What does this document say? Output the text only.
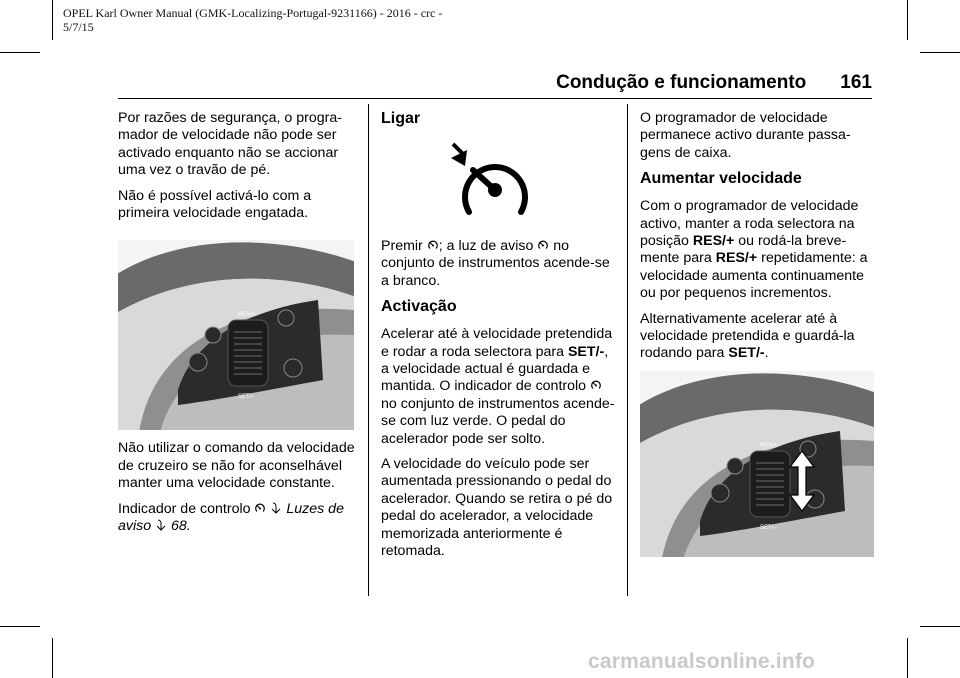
OPEL Karl Owner Manual (GMK-Localizing-Portugal-9231166) - 2016 - crc -
5/7/15
Condução e funcionamento 161

Por razões de segurança, o programador de velocidade não pode ser activado enquanto não se accionar uma vez o travão de pé.

Não é possível activá-lo com a primeira velocidade engatada.

RES/+
SET/–

Não utilizar o comando da velocidade de cruzeiro se não for aconselhável manter uma velocidade constante.

Indicador de controlo
	Luzes de aviso 68.

Ligar

Premir ; a luz de aviso no conjunto de instrumentos acende-se a branco.

Activação

Acelerar até à velocidade pretendida e rodar a roda selectora para SET/-, a velocidade actual é guardada e mantida. O indicador de controlo
no conjunto de instrumentos acende-se com luz verde. O pedal do acelerador pode ser solto.

A velocidade do veículo pode ser aumentada pressionando o pedal do acelerador. Quando se retira o pé do pedal do acelerador, a velocidade memorizada anteriormente é retomada.

O programador de velocidade permanece activo durante passagens de caixa.

Aumentar velocidade

Com o programador de velocidade activo, manter a roda selectora na posição RES/+ ou rodá-la brevemente para RES/+ repetidamente: a velocidade aumenta continuamente ou por pequenos incrementos.

Alternativamente acelerar até à velocidade pretendida e guardá-la rodando para SET/-.

RES/+
SET/–
carmanualsonline.info
